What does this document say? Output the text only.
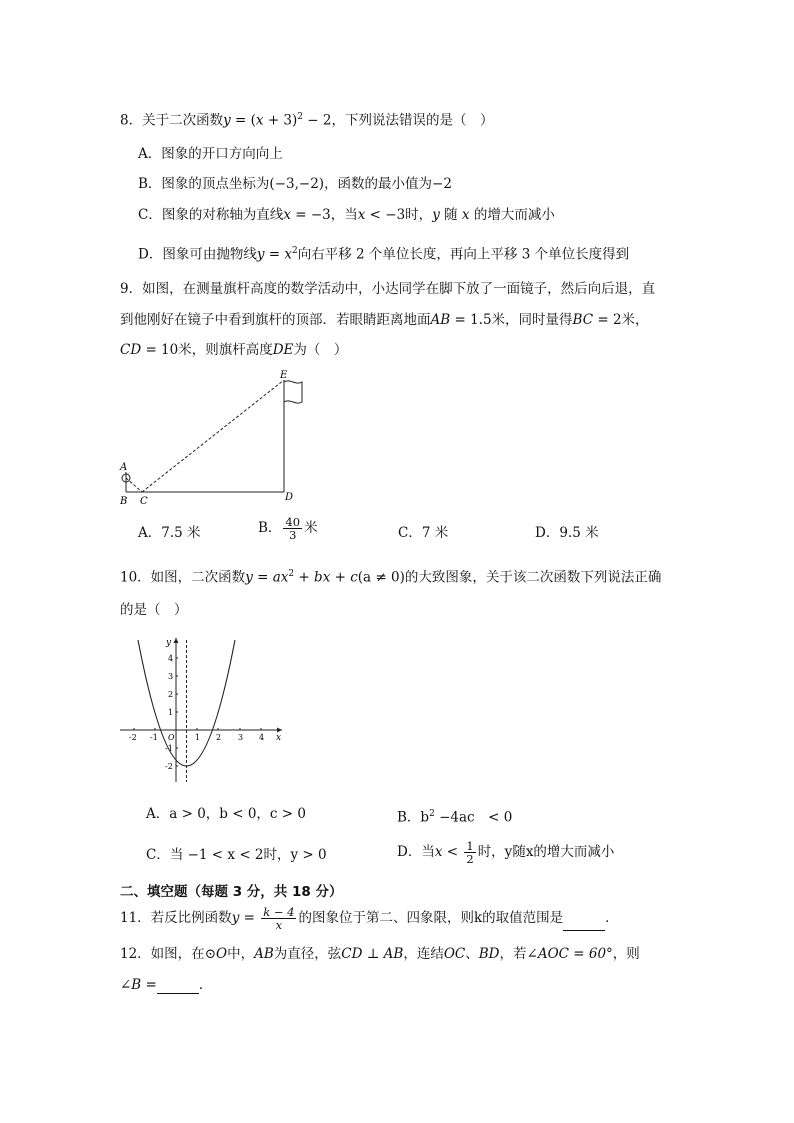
8．关于二次函数$y = (x + 3)^2 - 2$，下列说法错误的是（　）
A．图象的开口方向向上
B．图象的顶点坐标为(−3,−2)，函数的最小值为−2
C．图象的对称轴为直线x = −3，当x < −3时，y 随 x 的增大而减小
D．图象可由抛物线$y = x^2$向右平移 2 个单位长度，再向上平移 3 个单位长度得到
9．如图，在测量旗杆高度的数学活动中，小达同学在脚下放了一面镜子，然后向后退，直
到他刚好在镜子中看到旗杆的顶部．若眼睛距离地面AB = 1.5米，同时量得BC = 2米，
CD = 10米，则旗杆高度DE为（　）
A
B C	D
E
A．7.5 米	B． $\frac{40}{3}$ 米	C．7 米	D．9.5 米
10．如图，二次函数$y = ax^2$ + bx + c(a ≠ 0)的大致图象，关于该二次函数下列说法正确
的是（　）
y
x
O
-2 -1	1 2 3 4
4
3
2
1
-1
-2
A．a > 0，b < 0，c > 0	B．$b^2 -4ac$　< 0
C．当 −1 < x < 2时，y > 0	D．当$x < \frac{1}{2}$ 时，y随x的增大而减小
二、填空题（每题 3 分，共 18 分）
11．若反比例函数$y = \frac{k - 4}{x}$ 的图象位于第二、四象限，则k的取值范围是	．
12．如图，在⊙O中，AB为直径，弦CD ⊥ AB，连结OC、BD，若∠AOC = 60°，则
∠B =	．
